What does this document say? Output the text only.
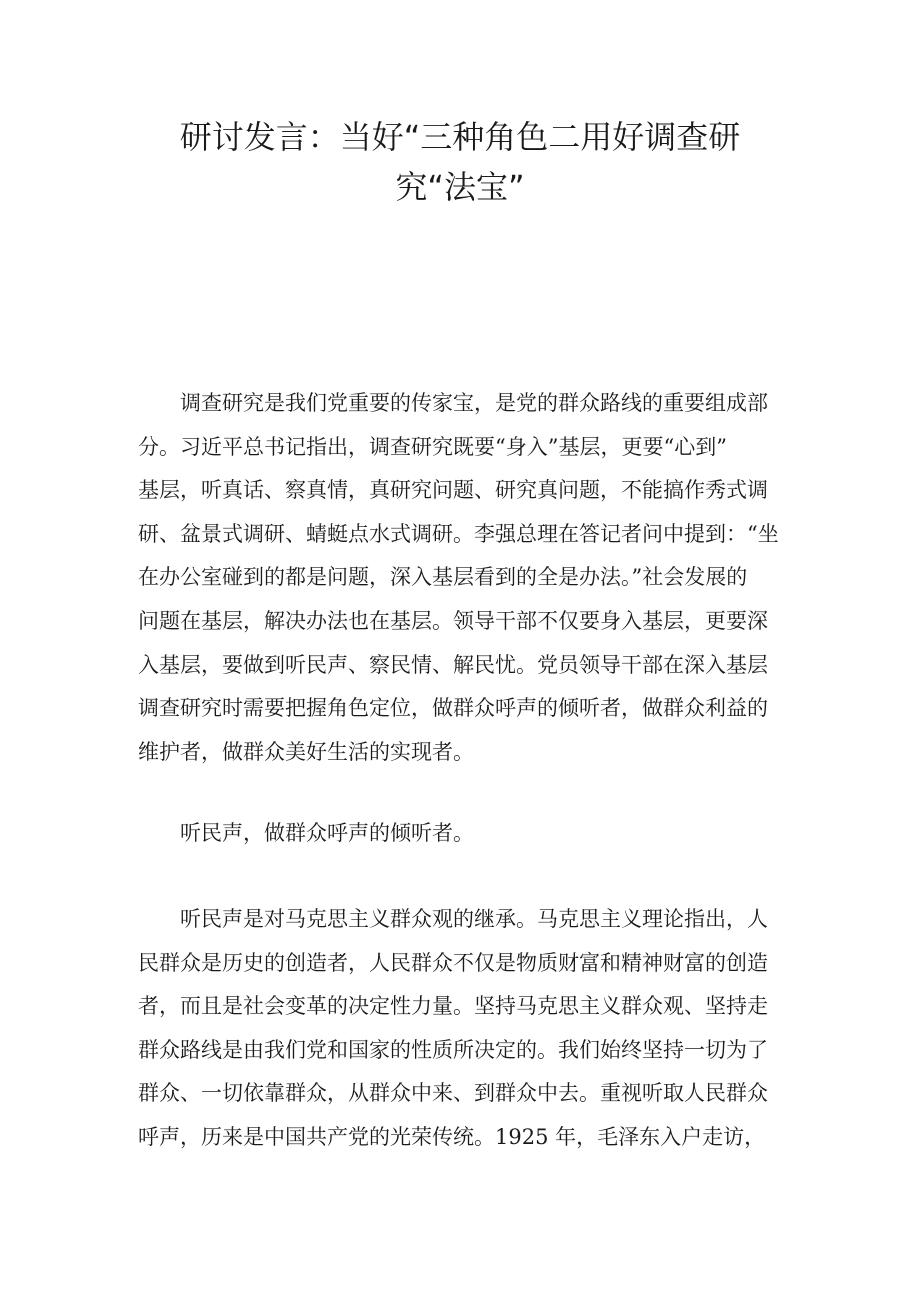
研讨发言：当好“三种角色二用好调查研
究“法宝”

　　调查研究是我们党重要的传家宝，是党的群众路线的重要组成部
分。习近平总书记指出，调查研究既要“身入”基层，更要“心到”
基层，听真话、察真情，真研究问题、研究真问题，不能搞作秀式调
研、盆景式调研、蜻蜓点水式调研。李强总理在答记者问中提到：“坐
在办公室碰到的都是问题，深入基层看到的全是办法。”社会发展的
问题在基层，解决办法也在基层。领导干部不仅要身入基层，更要深
入基层，要做到听民声、察民情、解民忧。党员领导干部在深入基层
调查研究时需要把握角色定位，做群众呼声的倾听者，做群众利益的
维护者，做群众美好生活的实现者。

　　听民声，做群众呼声的倾听者。

　　听民声是对马克思主义群众观的继承。马克思主义理论指出，人
民群众是历史的创造者，人民群众不仅是物质财富和精神财富的创造
者，而且是社会变革的决定性力量。坚持马克思主义群众观、坚持走
群众路线是由我们党和国家的性质所决定的。我们始终坚持一切为了
群众、一切依靠群众，从群众中来、到群众中去。重视听取人民群众
呼声，历来是中国共产党的光荣传统。1925 年，毛泽东入户走访，
